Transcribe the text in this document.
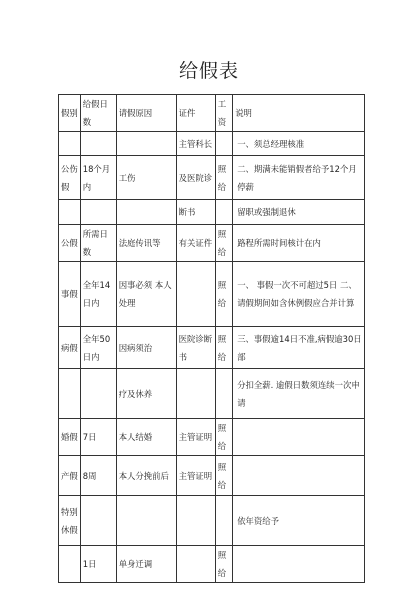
给假表
假别	给假日数	请假原因	证件	工资	说明
			主管科长		一、须总经理核准
公伤假	18个月内	工伤	及医院诊	照给	二、期满未能销假者给予12个月停薪
			断书		留职或强制退休
公假	所需日数	法庭传讯等	有关证件	照给	路程所需时间核计在内
事假	全年14日内	因事必须 本人处理		照给	一、 事假一次不可超过5日 二、 请假期间如含休例假应合并计算
病假	全年50日内	因病须治	医院诊断书	照给	三、事假逾14日不准,病假逾30日部
		疗及休养			分扣全薪. 逾假日数须连续一次申 请
婚假	7日	本人结婚	主管证明	照给	
产假	8周	本人分挽前后	主管证明	照给	
特别休假					依年资给予
	1日	单身迁调		照给	
